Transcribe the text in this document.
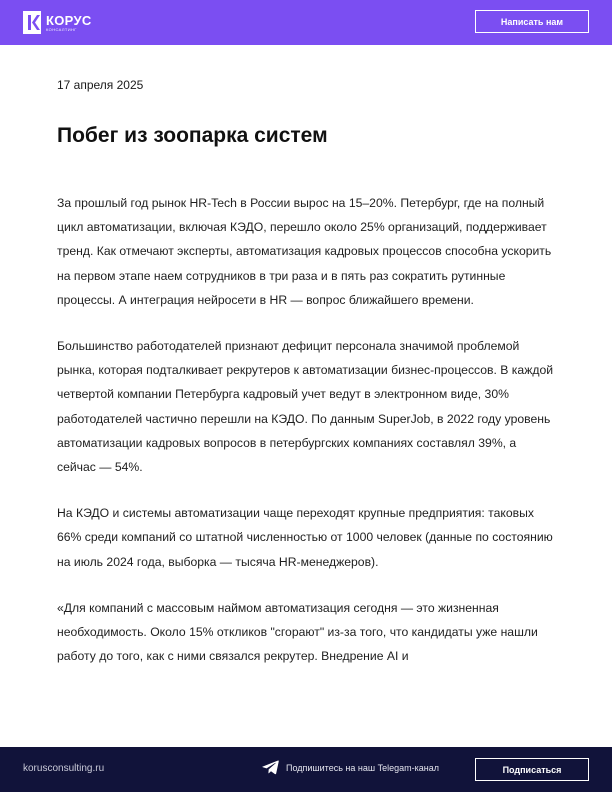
КОРУС
КОНСАЛТИНГ
Написать нам
17 апреля 2025
Побег из зоопарка систем

За прошлый год рынок HR-Tech в России вырос на 15–20%. Петербург, где на полный цикл автоматизации, включая КЭДО, перешло около 25% организаций, поддерживает тренд. Как отмечают эксперты, автоматизация кадровых процессов способна ускорить на первом этапе наем сотрудников в три раза и в пять раз сократить рутинные процессы. А интеграция нейросети в HR — вопрос ближайшего времени.

Большинство работодателей признают дефицит персонала значимой проблемой рынка, которая подталкивает рекрутеров к автоматизации бизнес-процессов. В каждой четвертой компании Петербурга кадровый учет ведут в электронном виде, 30% работодателей частично перешли на КЭДО. По данным SuperJob, в 2022 году уровень автоматизации кадровых вопросов в петербургских компаниях составлял 39%, а сейчас — 54%.

На КЭДО и системы автоматизации чаще переходят крупные предприятия: таковых 66% среди компаний со штатной численностью от 1000 человек (данные по состоянию на июль 2024 года, выборка — тысяча HR-менеджеров).

«Для компаний с массовым наймом автоматизация сегодня — это жизненная необходимость. Около 15% откликов "сгорают" из-за того, что кандидаты уже нашли работу до того, как с ними связался рекрутер. Внедрение AI и

korusconsulting.ru	Подпишитесь на наш Telegam-канал	Подписаться
